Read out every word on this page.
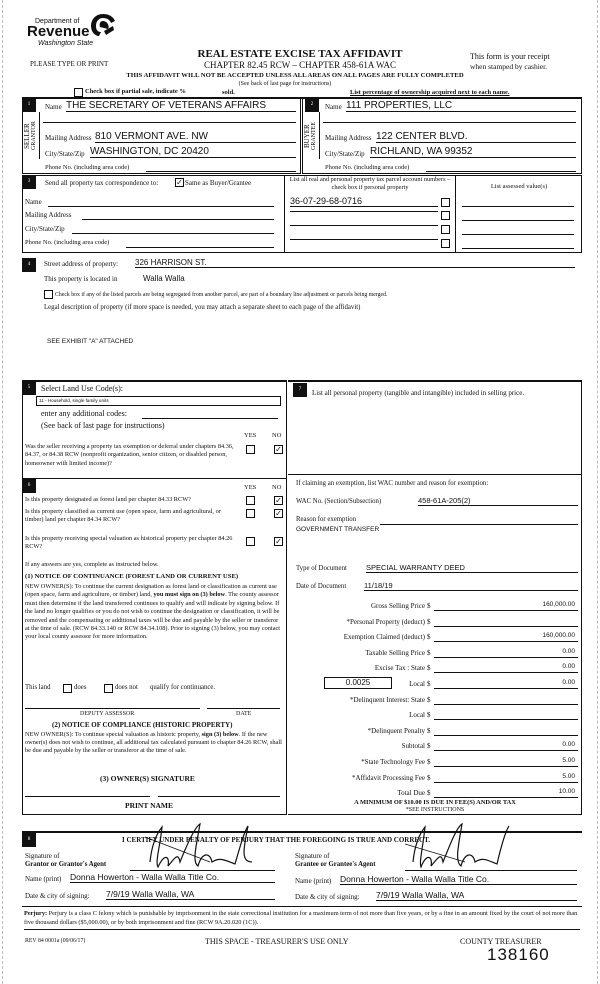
Department of
Revenue
Washington State
PLEASE TYPE OR PRINT
REAL ESTATE EXCISE TAX AFFIDAVIT
CHAPTER 82.45 RCW – CHAPTER 458-61A WAC
This form is your receipt
when stamped by cashier.
THIS AFFIDAVIT WILL NOT BE ACCEPTED UNLESS ALL AREAS ON ALL PAGES ARE FULLY COMPLETED
(See back of last page for instructions)
Check box if partial sale, indicate %	sold.	List percentage of ownership acquired next to each name.
1
SELLER GRANTOR
Name THE SECRETARY OF VETERANS AFFAIRS
Mailing Address 810 VERMONT AVE. NW
City/State/Zip WASHINGTON, DC 20420
Phone No. (including area code)
2
BUYER GRANTEE
Name 111 PROPERTIES, LLC
Mailing Address 122 CENTER BLVD.
City/State/Zip RICHLAND, WA 99352
Phone No. (including area code)
3	Send all property tax correspondence to: ✓ Same as Buyer/Grantee
Name
Mailing Address
City/State/Zip
Phone No. (including area code)
List all real and personal property tax parcel account numbers – check box if personal property
36-07-29-68-0716
List assessed value(s)
4	Street address of property: 326 HARRISON ST.
This property is located in	Walla Walla
Check box if any of the listed parcels are being segregated from another parcel, are part of a boundary line adjustment or parcels being merged.
Legal description of property (if more space is needed, you may attach a separate sheet to each page of the affidavit)
SEE EXHIBIT "A" ATTACHED
5	Select Land Use Code(s):
11 - Household, single family units
enter any additional codes:
(See back of last page for instructions)
YES NO
Was the seller receiving a property tax exemption or deferral under chapters 84.36, 84.37, or 84.38 RCW (nonprofit organization, senior citizen, or disabled person, homeowner with limited income)?
✓
6	YES NO
Is this property designated as forest land per chapter 84.33 RCW?	✓
Is this property classified as current use (open space, farm and agricultural, or timber) land per chapter 84.34 RCW?
✓
Is this property receiving special valuation as historical property per chapter 84.26 RCW?
✓
If any answers are yes, complete as instructed below.
(1) NOTICE OF CONTINUANCE (FOREST LAND OR CURRENT USE)
NEW OWNER(S): To continue the current designation as forest land or classification as current use (open space, farm and agriculture, or timber) land, you must sign on (3) below. The county assessor must then determine if the land transferred continues to qualify and will indicate by signing below. If the land no longer qualifies or you do not wish to continue the designation or classification, it will be removed and the compensating or additional taxes will be due and payable by the seller or transferor at the time of sale. (RCW 84.33.140 or RCW 84.34.108). Prior to signing (3) below, you may contact your local county assessor for more information.
This land	does	does not qualify for continuance.
DEPUTY ASSESSOR	DATE
(2) NOTICE OF COMPLIANCE (HISTORIC PROPERTY)
NEW OWNER(S): To continue special valuation as historic property, sign (3) below. If the new owner(s) does not wish to continue, all additional tax calculated pursuant to chapter 84.26 RCW, shall be due and payable by the seller or transferor at the time of sale.
(3) OWNER(S) SIGNATURE
PRINT NAME
7	List all personal property (tangible and intangible) included in selling price.
If claiming an exemption, list WAC number and reason for exemption:
WAC No. (Section/Subsection)	458-61A-205(2)
Reason for exemption
GOVERNMENT TRANSFER
Type of Document	SPECIAL WARRANTY DEED
Date of Document 11/18/19
Gross Selling Price $	160,000.00
*Personal Property (deduct) $
Exemption Claimed (deduct) $	160,000.00
Taxable Selling Price $	0.00
Excise Tax : State $	0.00
0.0025	Local $	0.00
*Delinquent Interest: State $
Local $
*Delinquent Penalty $
Subtotal $	0.00
*State Technology Fee $	5.00
*Affidavit Processing Fee $	5.00
Total Due $	10.00
A MINIMUM OF $10.00 IS DUE IN FEE(S) AND/OR TAX
*SEE INSTRUCTIONS
8	I CERTIFY UNDER PENALTY OF PERJURY THAT THE FOREGOING IS TRUE AND CORRECT.
Signature of
Grantor or Grantor's Agent
Name (print) Donna Howerton - Walla Walla Title Co.
Date & city of signing: 7/9/19 Walla Walla, WA
Signature of
Grantee or Grantee's Agent
Name (print) Donna Howerton - Walla Walla Title Co.
Date & city of signing: 7/9/19 Walla Walla, WA
Perjury: Perjury is a class C felony which is punishable by imprisonment in the state correctional institution for a maximum term of not more than five years, or by a fine in an amount fixed by the court of not more than five thousand dollars ($5,000.00), or by both imprisonment and fine (RCW 9A.20.020 (1C)).
REV 84 0001a (09/06/17)	THIS SPACE - TREASURER'S USE ONLY	COUNTY TREASURER
138160
